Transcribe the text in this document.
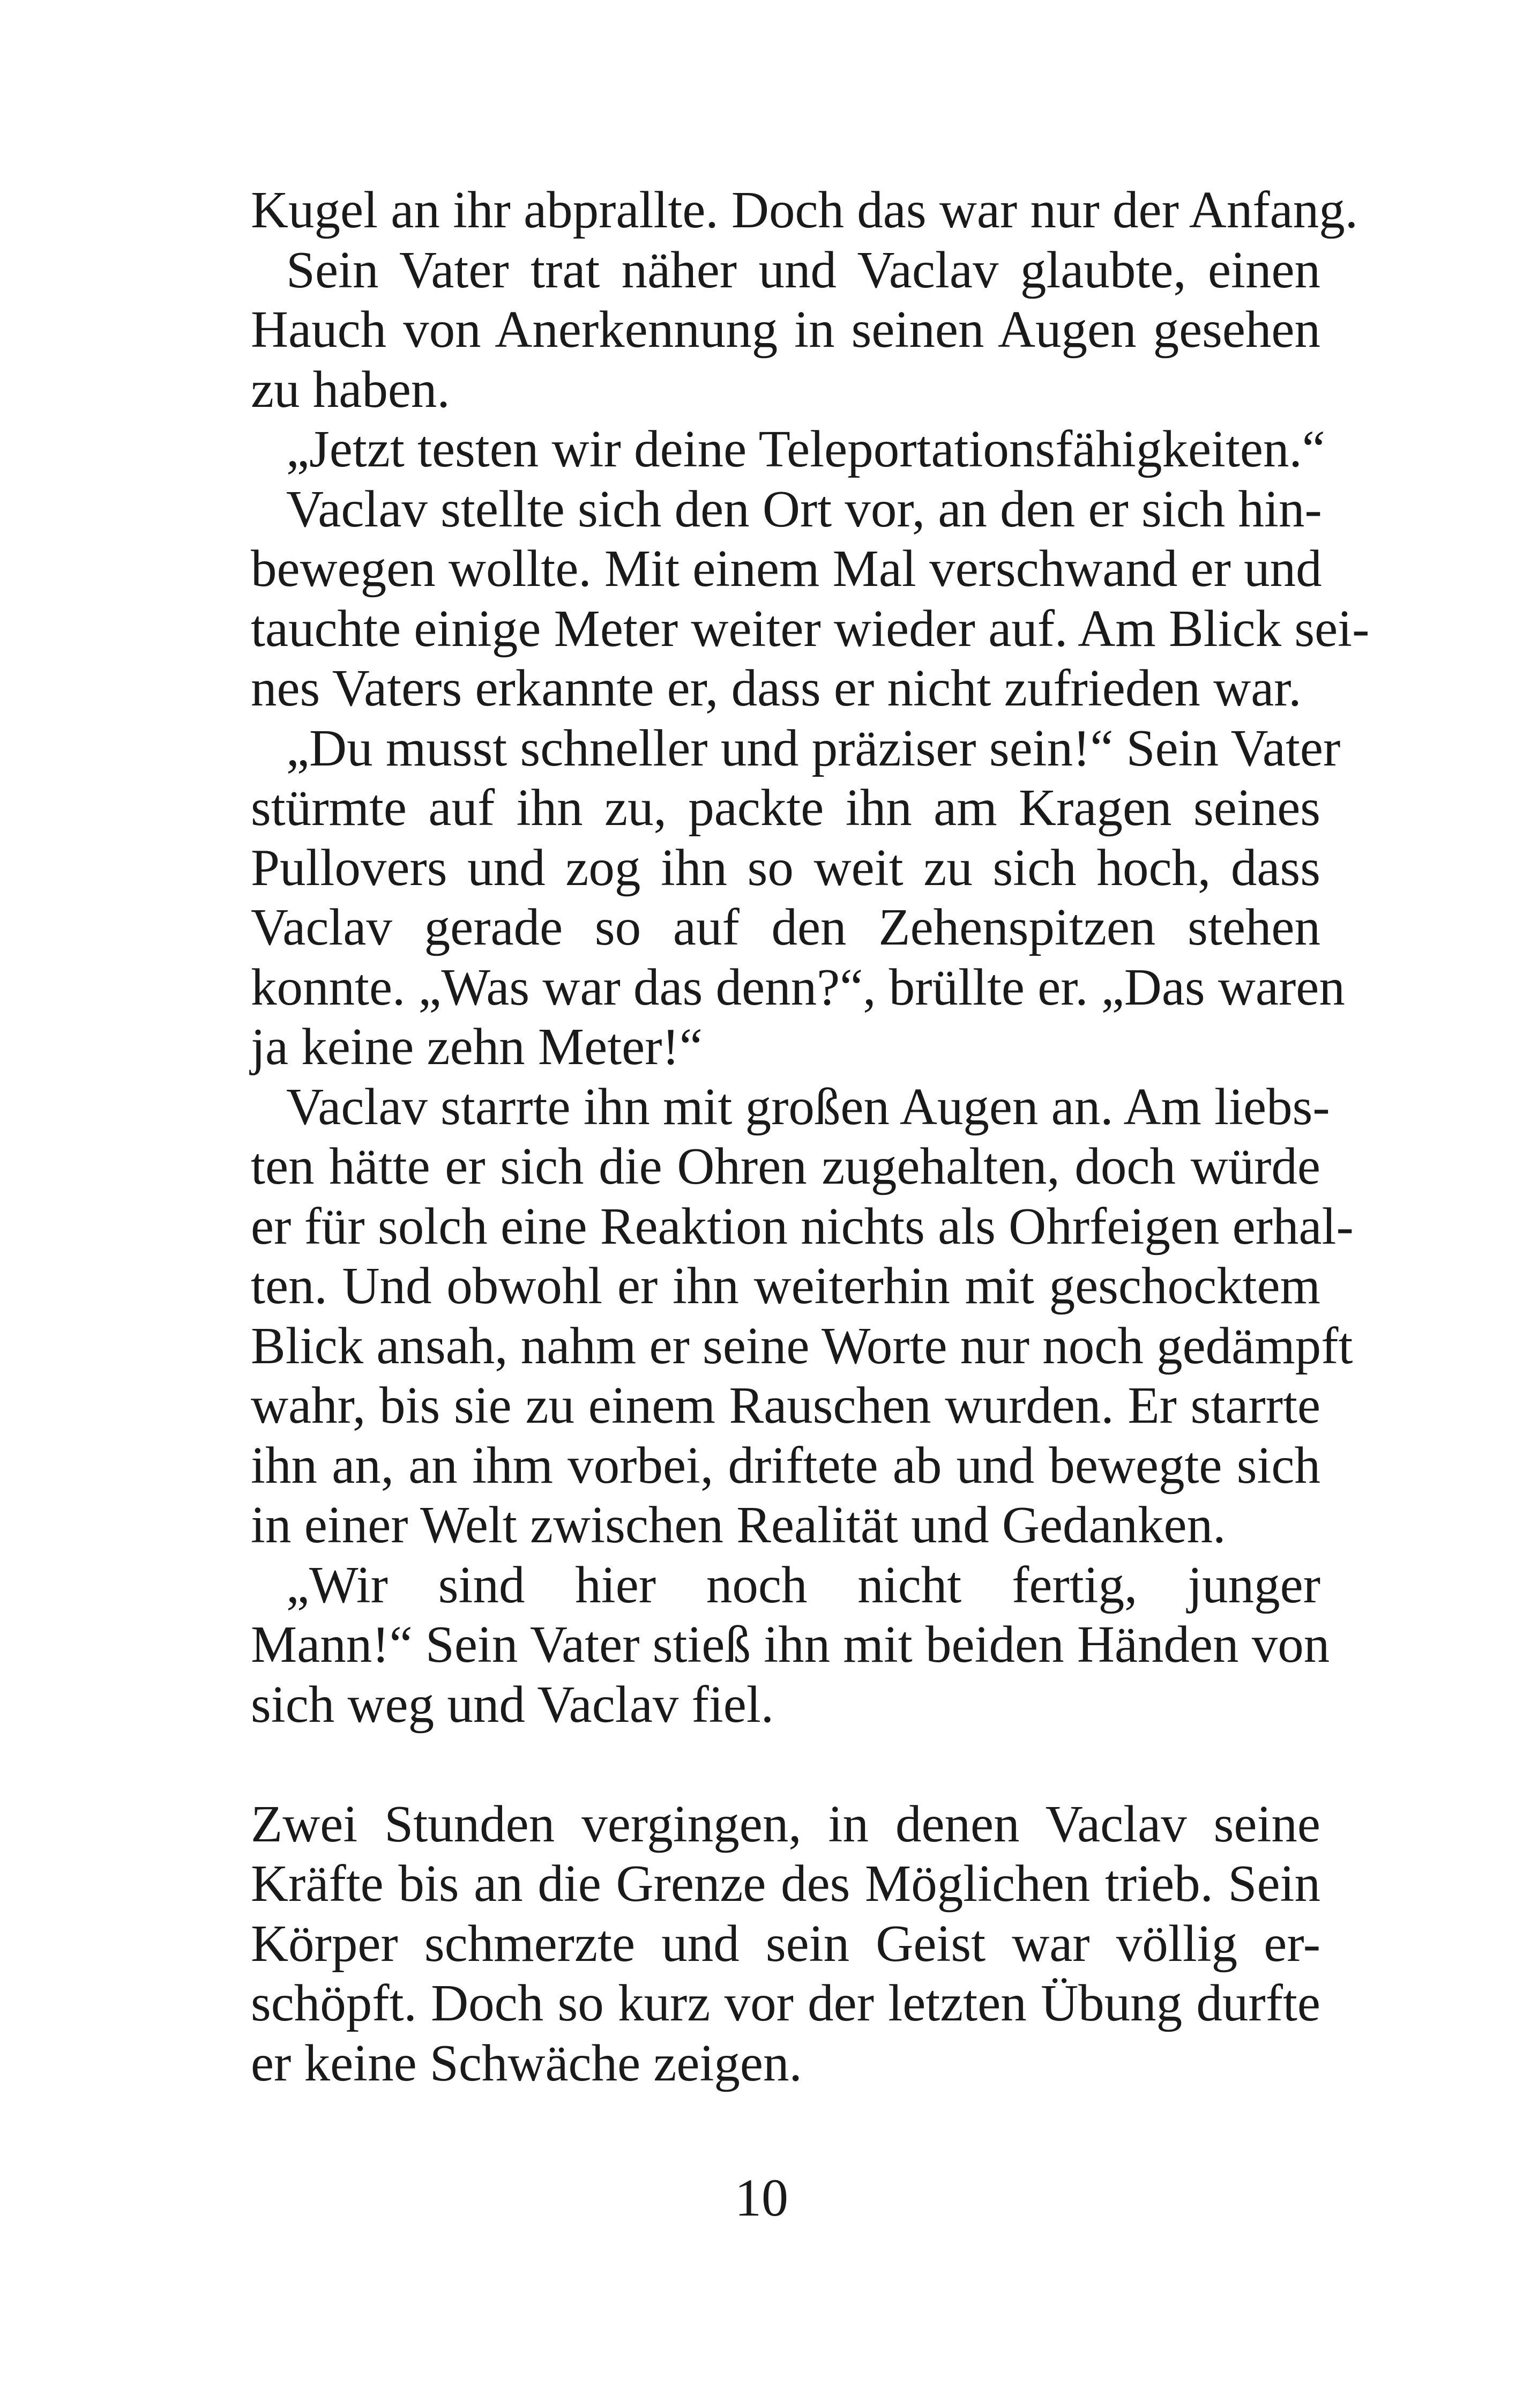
Kugel an ihr abprallte. Doch das war nur der Anfang.
Sein Vater trat näher und Vaclav glaubte, einen
Hauch von Anerkennung in seinen Augen gesehen
zu haben.
„Jetzt testen wir deine Teleportationsfähigkeiten.“
Vaclav stellte sich den Ort vor, an den er sich hin-
bewegen wollte. Mit einem Mal verschwand er und
tauchte einige Meter weiter wieder auf. Am Blick sei-
nes Vaters erkannte er, dass er nicht zufrieden war.
„Du musst schneller und präziser sein!“ Sein Vater
stürmte auf ihn zu, packte ihn am Kragen seines
Pullovers und zog ihn so weit zu sich hoch, dass
Vaclav gerade so auf den Zehenspitzen stehen
konnte. „Was war das denn?“, brüllte er. „Das waren
ja keine zehn Meter!“
Vaclav starrte ihn mit großen Augen an. Am liebs-
ten hätte er sich die Ohren zugehalten, doch würde
er für solch eine Reaktion nichts als Ohrfeigen erhal-
ten. Und obwohl er ihn weiterhin mit geschocktem
Blick ansah, nahm er seine Worte nur noch gedämpft
wahr, bis sie zu einem Rauschen wurden. Er starrte
ihn an, an ihm vorbei, driftete ab und bewegte sich
in einer Welt zwischen Realität und Gedanken.
„Wir sind hier noch nicht fertig, junger
Mann!“ Sein Vater stieß ihn mit beiden Händen von
sich weg und Vaclav fiel.
Zwei Stunden vergingen, in denen Vaclav seine
Kräfte bis an die Grenze des Möglichen trieb. Sein
Körper schmerzte und sein Geist war völlig er-
schöpft. Doch so kurz vor der letzten Übung durfte
er keine Schwäche zeigen.
10
